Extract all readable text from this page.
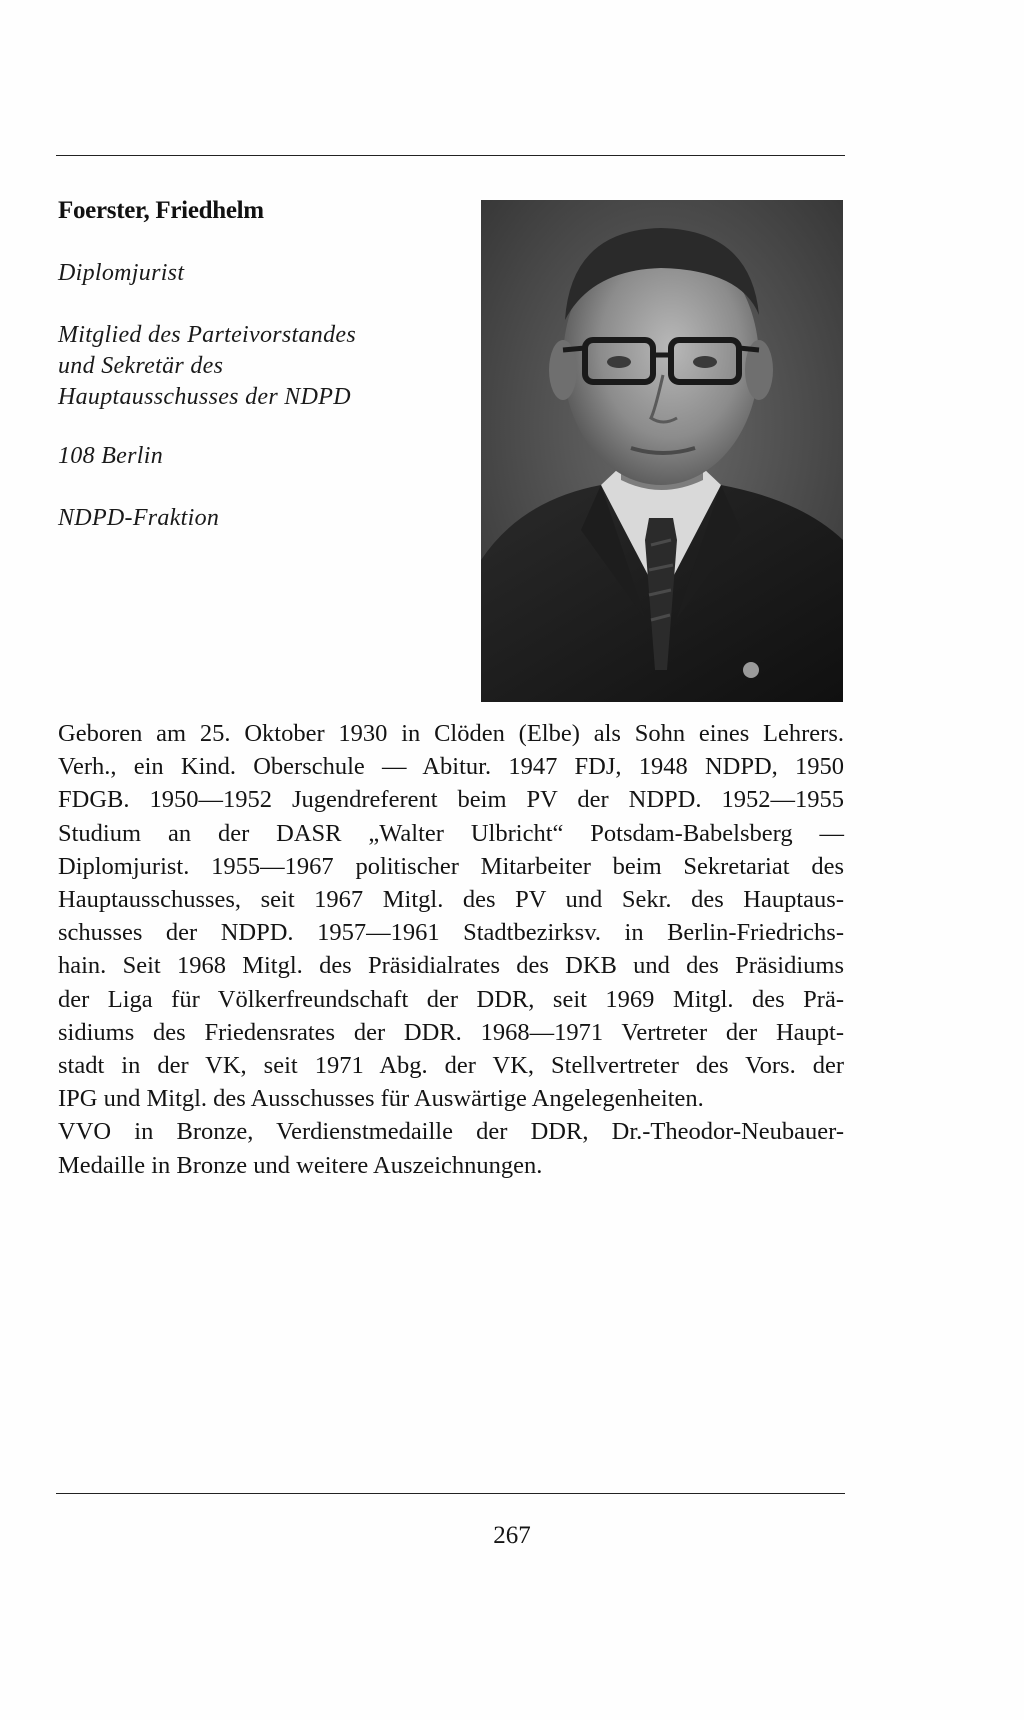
Foerster, Friedhelm
Diplomjurist
Mitglied des Parteivorstandes
und Sekretär des
Hauptausschusses der NDPD
108 Berlin
NDPD-Fraktion
Geboren am 25. Oktober 1930 in Clöden (Elbe) als Sohn eines Lehrers.
Verh., ein Kind. Oberschule — Abitur. 1947 FDJ, 1948 NDPD, 1950
FDGB. 1950—1952 Jugendreferent beim PV der NDPD. 1952—1955
Studium an der DASR „Walter Ulbricht“ Potsdam-Babelsberg —
Diplomjurist. 1955—1967 politischer Mitarbeiter beim Sekretariat des
Hauptausschusses, seit 1967 Mitgl. des PV und Sekr. des Hauptaus-
schusses der NDPD. 1957—1961 Stadtbezirksv. in Berlin-Friedrichs-
hain. Seit 1968 Mitgl. des Präsidialrates des DKB und des Präsidiums
der Liga für Völkerfreundschaft der DDR, seit 1969 Mitgl. des Prä-
sidiums des Friedensrates der DDR. 1968—1971 Vertreter der Haupt-
stadt in der VK, seit 1971 Abg. der VK, Stellvertreter des Vors. der
IPG und Mitgl. des Ausschusses für Auswärtige Angelegenheiten.
VVO in Bronze, Verdienstmedaille der DDR, Dr.-Theodor-Neubauer-
Medaille in Bronze und weitere Auszeichnungen.
267
